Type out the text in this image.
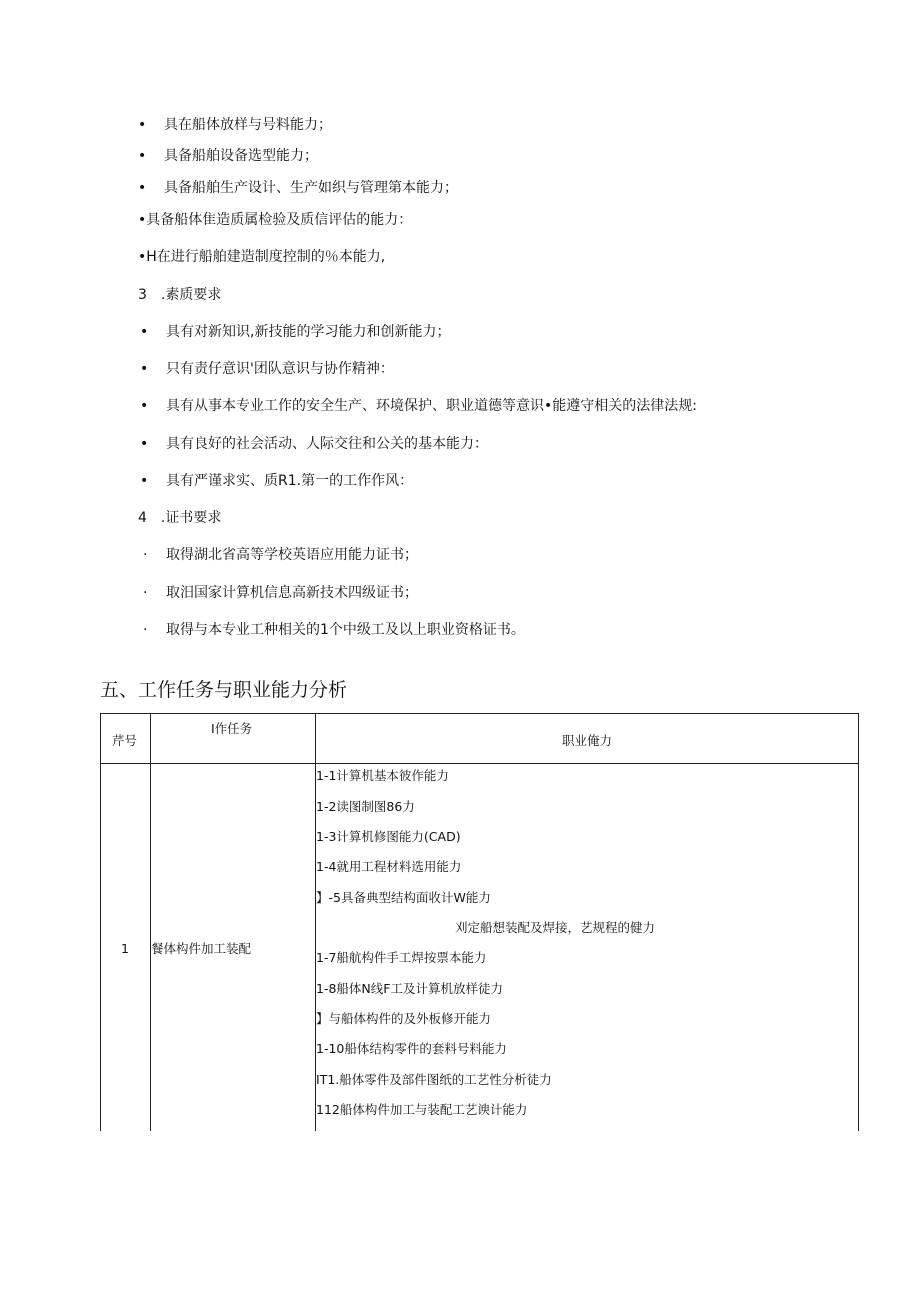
• 具在船体放样与号料能力；
• 具备船舶设备选型能力；
• 具备船舶生产设计、生产如织与管理第本能力；
•具备船体隹造质属检验及质信评估的能力：
•H在进行船舶建造制度控制的％本能力,
3　.素质要求
• 具有对新知识,新技能的学习能力和创新能力；
• 只有责仔意识'团队意识与协作精神：
• 具有从事本专业工作的安全生产、环境保护、职业道德等意识•能遵守相关的法律法规:
• 具有良好的社会活动、人际交往和公关的基本能力：
• 具有严谨求实、质R1.第一的工作作风：
4　.证书要求
· 取得湖北省高等学校英语应用能力证书；
· 取汨国家计算机信息高新技术四级证书；
· 取得与本专业工种相关的1个中级工及以上职业资格证书。
五、工作任务与职业能力分析
芹号
I作任务
职业俺力
1 餐体构件加工装配
1-1计算机基本彼作能力
1-2读图制图86力
1-3计算机修图能力(CAD)
1-4就用工程材料选用能力
】-5具备典型结构面收计W能力
刈定船想装配及焊接，艺规程的健力
1-7船航构件手工焊按票本能力
1-8船体N线F工及计算机放样徒力
】与船体构件的及外板修开能力
1-10船体结构零件的套料号料能力
IT1.船体零件及部件图纸的工艺性分析徒力
112船体构件加工与装配工艺谀计能力
